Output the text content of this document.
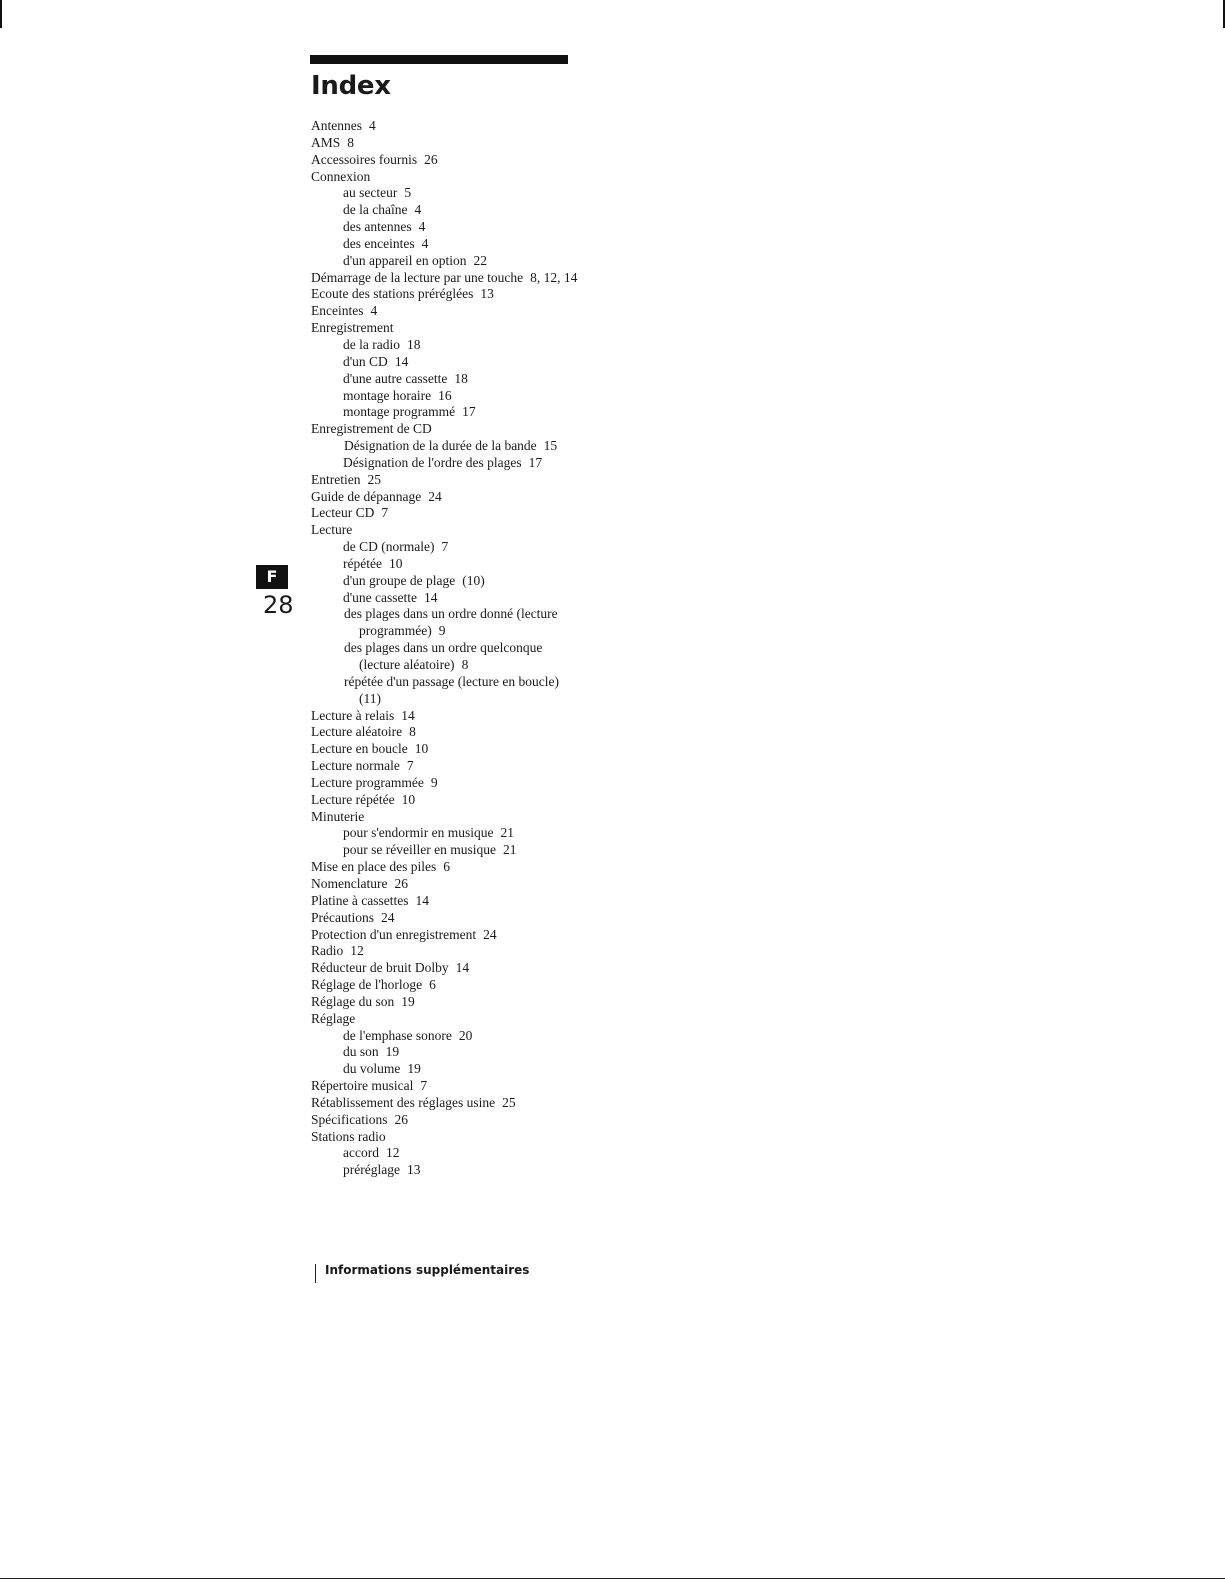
Index
Antennes 4
AMS 8
Accessoires fournis 26
Connexion
au secteur 5
de la chaîne 4
des antennes 4
des enceintes 4
d'un appareil en option 22
Démarrage de la lecture par une touche 8, 12, 14
Ecoute des stations préréglées 13
Enceintes 4
Enregistrement
de la radio 18
d'un CD 14
d'une autre cassette 18
montage horaire 16
montage programmé 17
Enregistrement de CD
Désignation de la durée de la bande 15
Désignation de l'ordre des plages 17
Entretien 25
Guide de dépannage 24
Lecteur CD 7
Lecture
de CD (normale) 7
répétée 10
d'un groupe de plage (10)
d'une cassette 14
des plages dans un ordre donné (lecture programmée) 9
des plages dans un ordre quelconque (lecture aléatoire) 8
répétée d'un passage (lecture en boucle)(11)
Lecture à relais 14
Lecture aléatoire 8
Lecture en boucle 10
Lecture normale 7
Lecture programmée 9
Lecture répétée 10
Minuterie
pour s'endormir en musique 21
pour se réveiller en musique 21
Mise en place des piles 6
Nomenclature 26
Platine à cassettes 14
Précautions 24
Protection d'un enregistrement 24
Radio 12
Réducteur de bruit Dolby 14
Réglage de l'horloge 6
Réglage du son 19
Réglage
de l'emphase sonore 20
du son 19
du volume 19
Répertoire musical 7
Rétablissement des réglages usine 25
Spécifications 26
Stations radio
accord 12
préréglage 13
F
28
Informations supplémentaires
